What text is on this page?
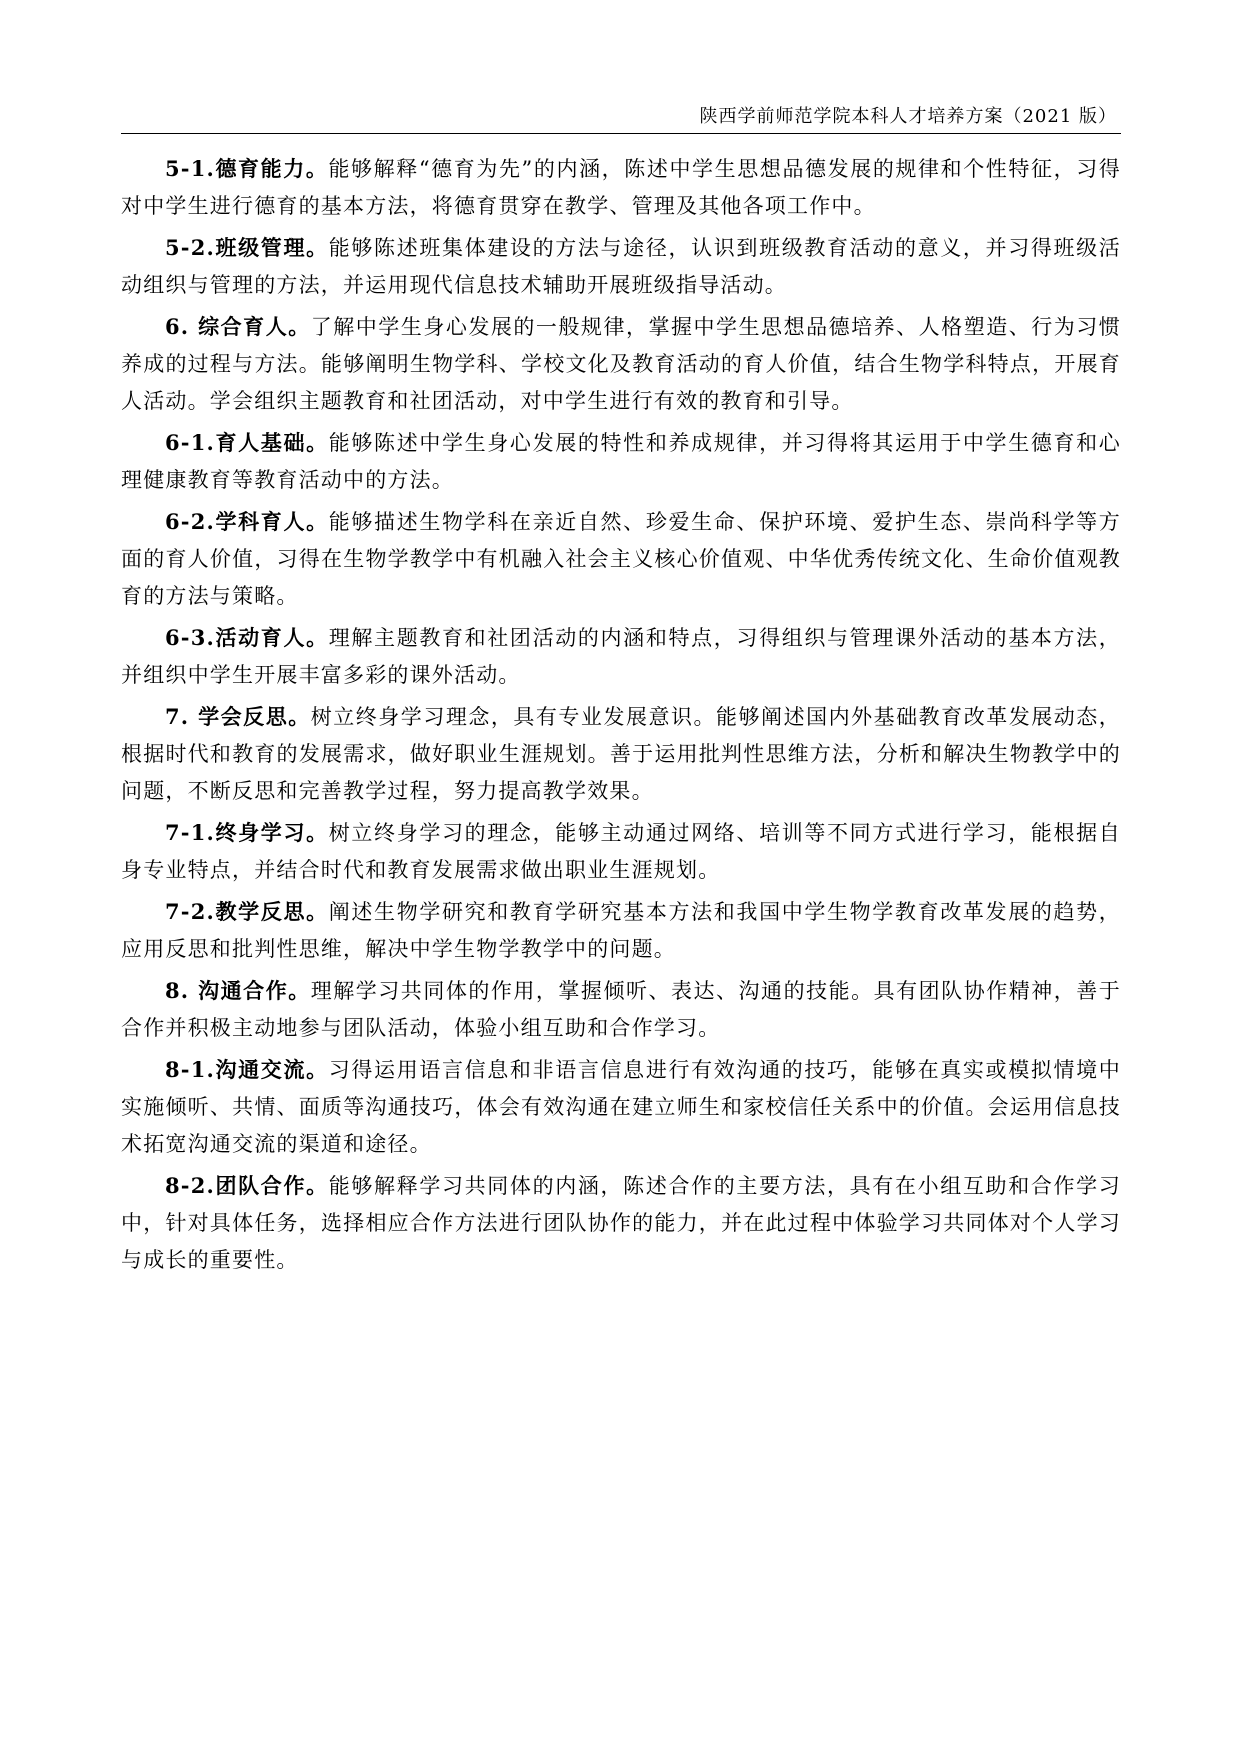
陕西学前师范学院本科人才培养方案（2021 版）

5-1.德育能力。能够解释“德育为先”的内涵，陈述中学生思想品德发展的规律和个性特征，习得对中学生进行德育的基本方法，将德育贯穿在教学、管理及其他各项工作中。

5-2.班级管理。能够陈述班集体建设的方法与途径，认识到班级教育活动的意义，并习得班级活动组织与管理的方法，并运用现代信息技术辅助开展班级指导活动。

6. 综合育人。了解中学生身心发展的一般规律，掌握中学生思想品德培养、人格塑造、行为习惯养成的过程与方法。能够阐明生物学科、学校文化及教育活动的育人价值，结合生物学科特点，开展育人活动。学会组织主题教育和社团活动，对中学生进行有效的教育和引导。

6-1.育人基础。能够陈述中学生身心发展的特性和养成规律，并习得将其运用于中学生德育和心理健康教育等教育活动中的方法。

6-2.学科育人。能够描述生物学科在亲近自然、珍爱生命、保护环境、爱护生态、崇尚科学等方面的育人价值，习得在生物学教学中有机融入社会主义核心价值观、中华优秀传统文化、生命价值观教育的方法与策略。

6-3.活动育人。理解主题教育和社团活动的内涵和特点，习得组织与管理课外活动的基本方法，并组织中学生开展丰富多彩的课外活动。

7. 学会反思。树立终身学习理念，具有专业发展意识。能够阐述国内外基础教育改革发展动态，根据时代和教育的发展需求，做好职业生涯规划。善于运用批判性思维方法，分析和解决生物教学中的问题，不断反思和完善教学过程，努力提高教学效果。

7-1.终身学习。树立终身学习的理念，能够主动通过网络、培训等不同方式进行学习，能根据自身专业特点，并结合时代和教育发展需求做出职业生涯规划。

7-2.教学反思。阐述生物学研究和教育学研究基本方法和我国中学生物学教育改革发展的趋势，应用反思和批判性思维，解决中学生物学教学中的问题。

8. 沟通合作。理解学习共同体的作用，掌握倾听、表达、沟通的技能。具有团队协作精神，善于合作并积极主动地参与团队活动，体验小组互助和合作学习。

8-1.沟通交流。习得运用语言信息和非语言信息进行有效沟通的技巧，能够在真实或模拟情境中实施倾听、共情、面质等沟通技巧，体会有效沟通在建立师生和家校信任关系中的价值。会运用信息技术拓宽沟通交流的渠道和途径。

8-2.团队合作。能够解释学习共同体的内涵，陈述合作的主要方法，具有在小组互助和合作学习中，针对具体任务，选择相应合作方法进行团队协作的能力，并在此过程中体验学习共同体对个人学习与成长的重要性。
